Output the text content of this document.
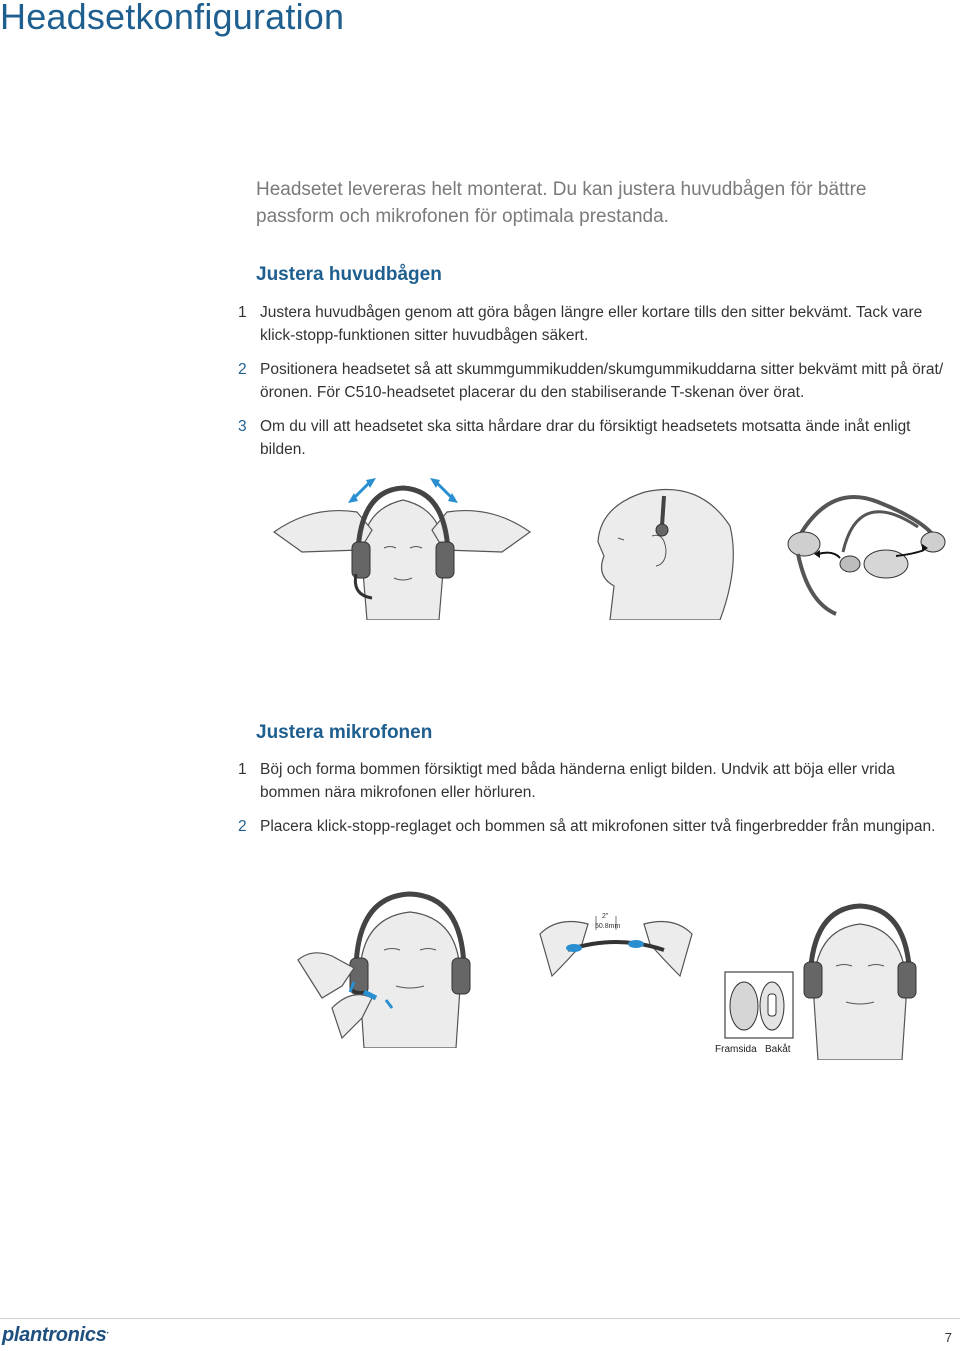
Headsetkonfiguration

Headsetet levereras helt monterat. Du kan justera huvudbågen för bättre passform och mikrofonen för optimala prestanda.

Justera huvudbågen
1 Justera huvudbågen genom att göra bågen längre eller kortare tills den sitter bekvämt. Tack vare klick-stopp-funktionen sitter huvudbågen säkert.
2 Positionera headsetet så att skummgummikudden/skumgummikuddarna sitter bekvämt mitt på örat/öronen. För C510-headsetet placerar du den stabiliserande T-skenan över örat.
3 Om du vill att headsetet ska sitta hårdare drar du försiktigt headsetets motsatta ände inåt enligt bilden.
Justera mikrofonen
1 Böj och forma bommen försiktigt med båda händerna enligt bilden. Undvik att böja eller vrida bommen nära mikrofonen eller hörluren.
2 Placera klick-stopp-reglaget och bommen så att mikrofonen sitter två fingerbredder från mungipan.
2"
50.8mm
Framsida Bakåt
plantronics.	7
